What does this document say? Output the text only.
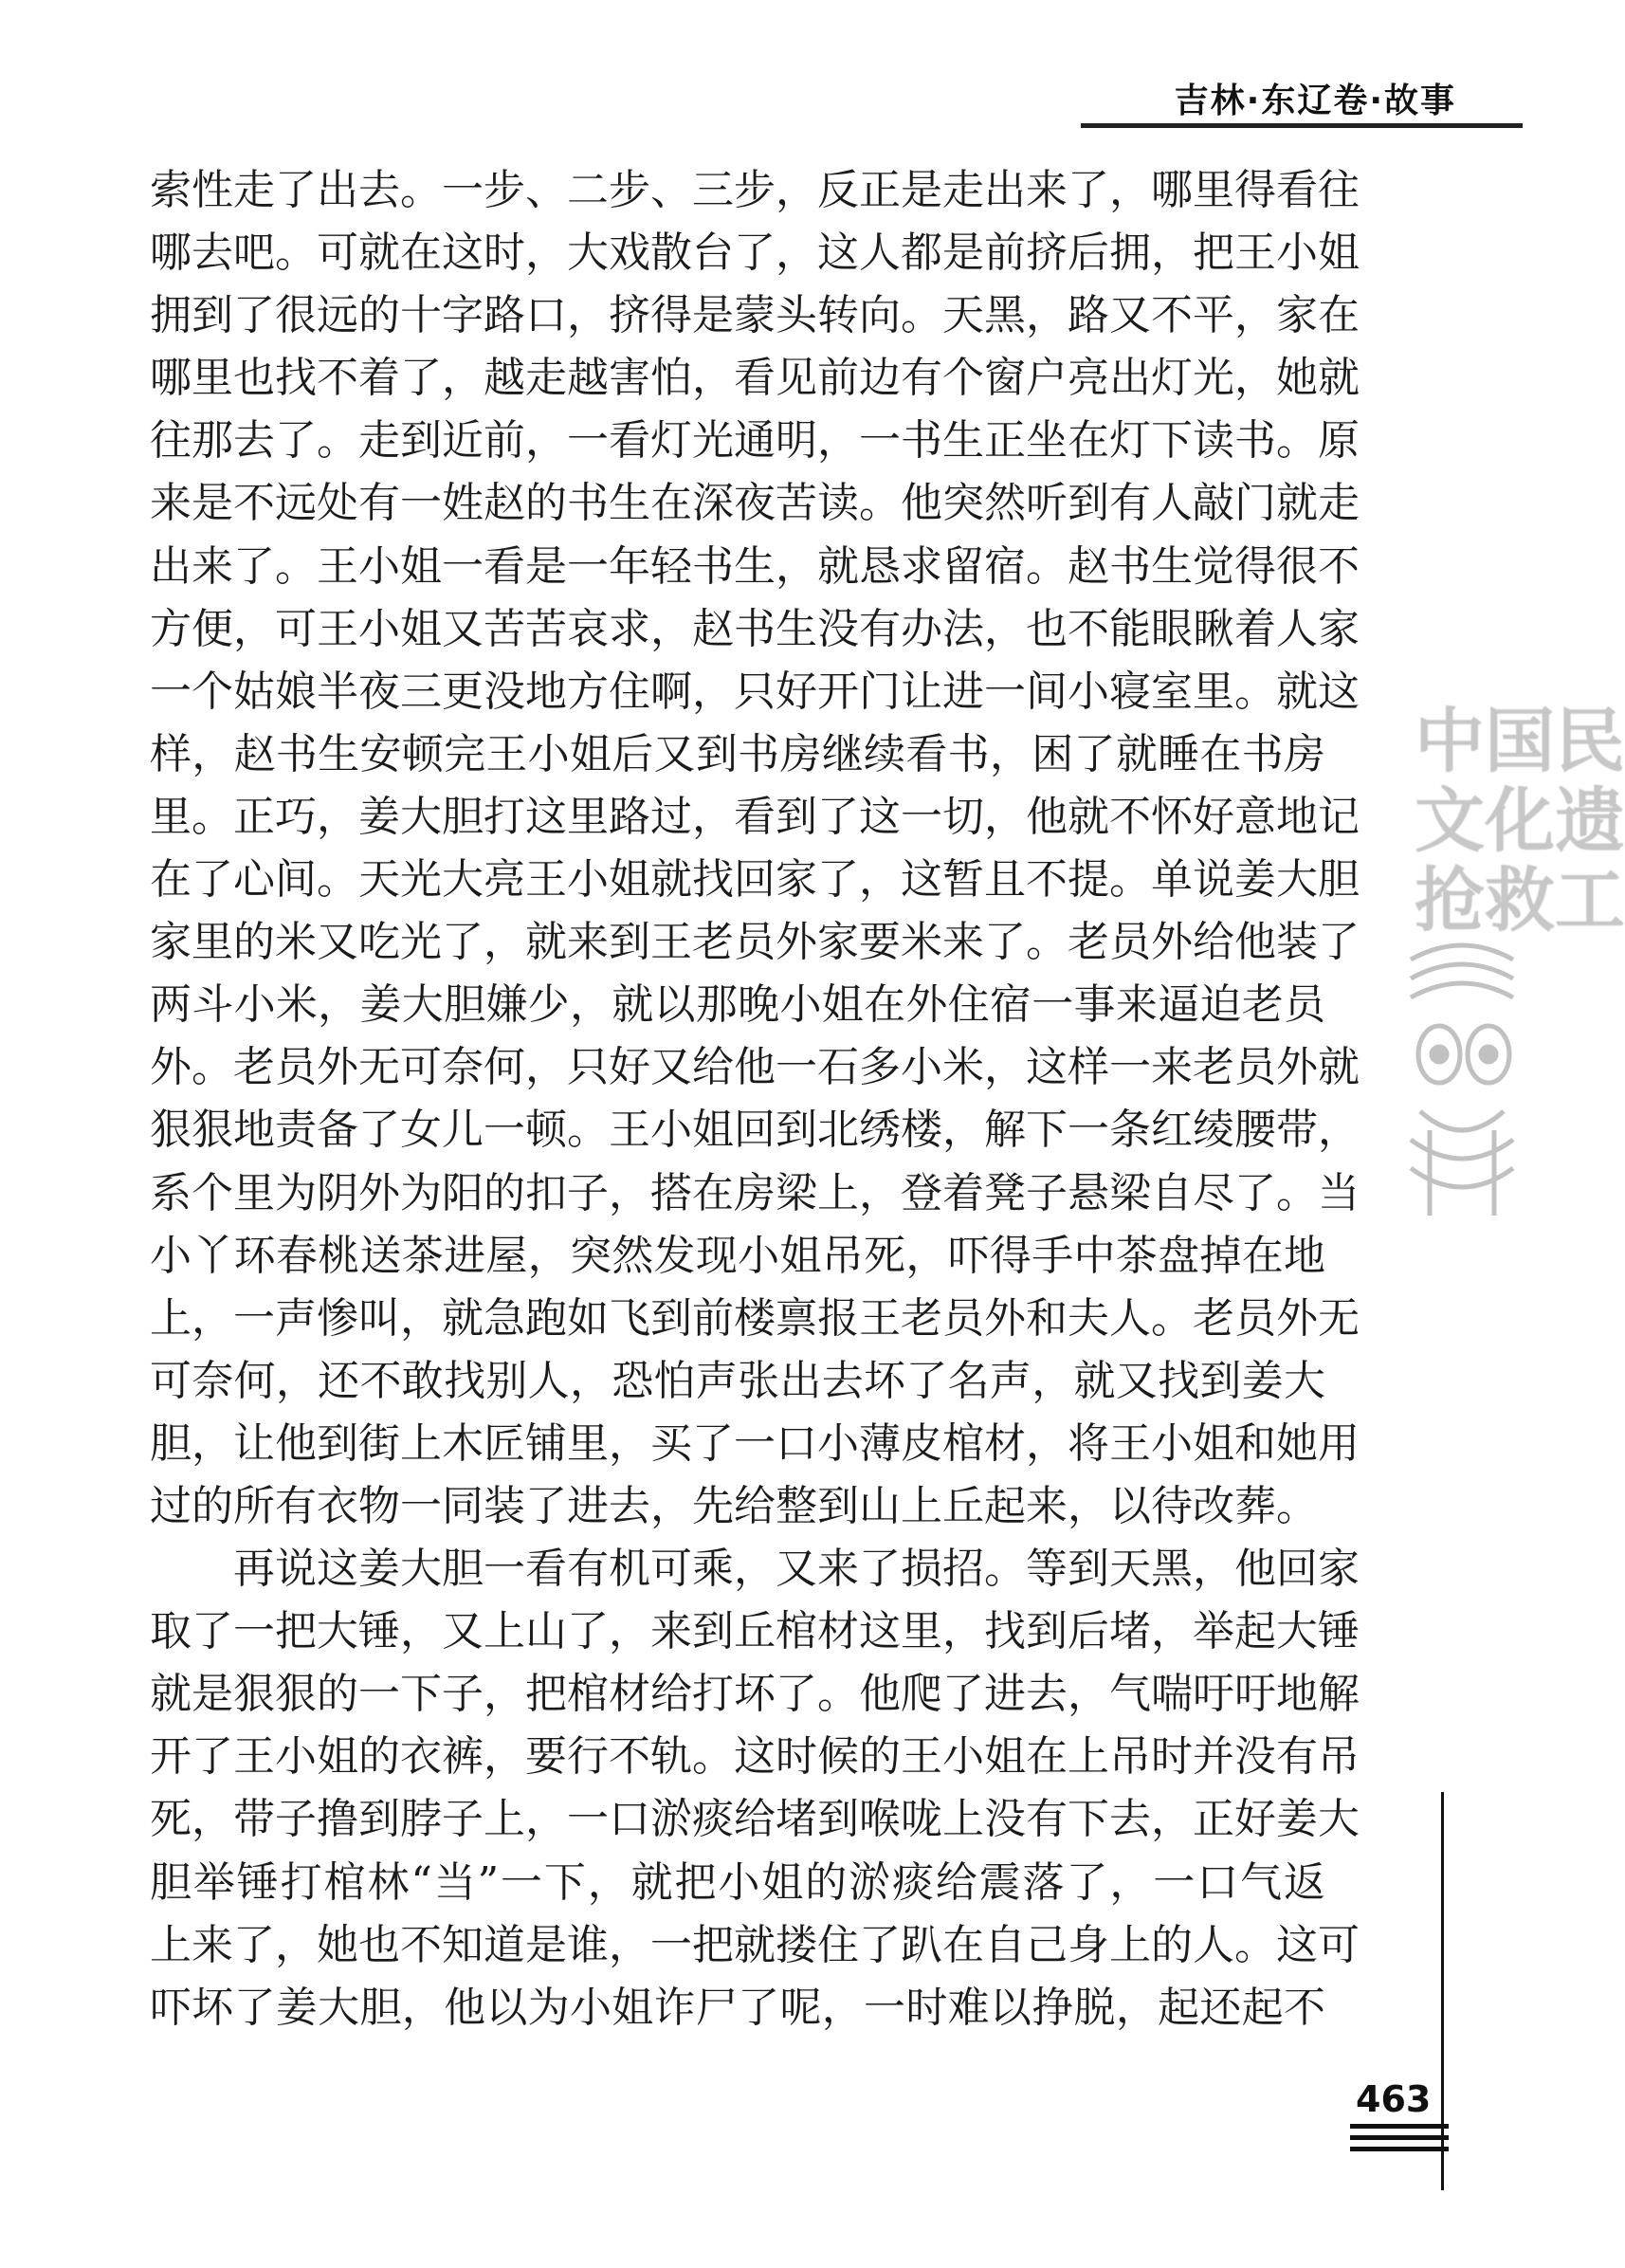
吉林·东辽卷·故事
索性走了出去。一步、二步、三步，反正是走出来了，哪里得看往
哪去吧。可就在这时，大戏散台了，这人都是前挤后拥，把王小姐
拥到了很远的十字路口，挤得是蒙头转向。天黑，路又不平，家在
哪里也找不着了，越走越害怕，看见前边有个窗户亮出灯光，她就
往那去了。走到近前，一看灯光通明，一书生正坐在灯下读书。原
来是不远处有一姓赵的书生在深夜苦读。他突然听到有人敲门就走
出来了。王小姐一看是一年轻书生，就恳求留宿。赵书生觉得很不
方便，可王小姐又苦苦哀求，赵书生没有办法，也不能眼瞅着人家
一个姑娘半夜三更没地方住啊，只好开门让进一间小寝室里。就这
样，赵书生安顿完王小姐后又到书房继续看书，困了就睡在书房
里。正巧，姜大胆打这里路过，看到了这一切，他就不怀好意地记
在了心间。天光大亮王小姐就找回家了，这暂且不提。单说姜大胆
家里的米又吃光了，就来到王老员外家要米来了。老员外给他装了
两斗小米，姜大胆嫌少，就以那晚小姐在外住宿一事来逼迫老员
外。老员外无可奈何，只好又给他一石多小米，这样一来老员外就
狠狠地责备了女儿一顿。王小姐回到北绣楼，解下一条红绫腰带，
系个里为阴外为阳的扣子，搭在房梁上，登着凳子悬梁自尽了。当
小丫环春桃送茶进屋，突然发现小姐吊死，吓得手中茶盘掉在地
上，一声惨叫，就急跑如飞到前楼禀报王老员外和夫人。老员外无
可奈何，还不敢找别人，恐怕声张出去坏了名声，就又找到姜大
胆，让他到街上木匠铺里，买了一口小薄皮棺材，将王小姐和她用
过的所有衣物一同装了进去，先给整到山上丘起来，以待改葬。
再说这姜大胆一看有机可乘，又来了损招。等到天黑，他回家
取了一把大锤，又上山了，来到丘棺材这里，找到后堵，举起大锤
就是狠狠的一下子，把棺材给打坏了。他爬了进去，气喘吁吁地解
开了王小姐的衣裤，要行不轨。这时候的王小姐在上吊时并没有吊
死，带子撸到脖子上，一口淤痰给堵到喉咙上没有下去，正好姜大
胆举锤打棺林“当”一下，就把小姐的淤痰给震落了，一口气返
上来了，她也不知道是谁，一把就搂住了趴在自己身上的人。这可
吓坏了姜大胆，他以为小姐诈尸了呢，一时难以挣脱，起还起不
中国民
文化遗
抢救工
463
